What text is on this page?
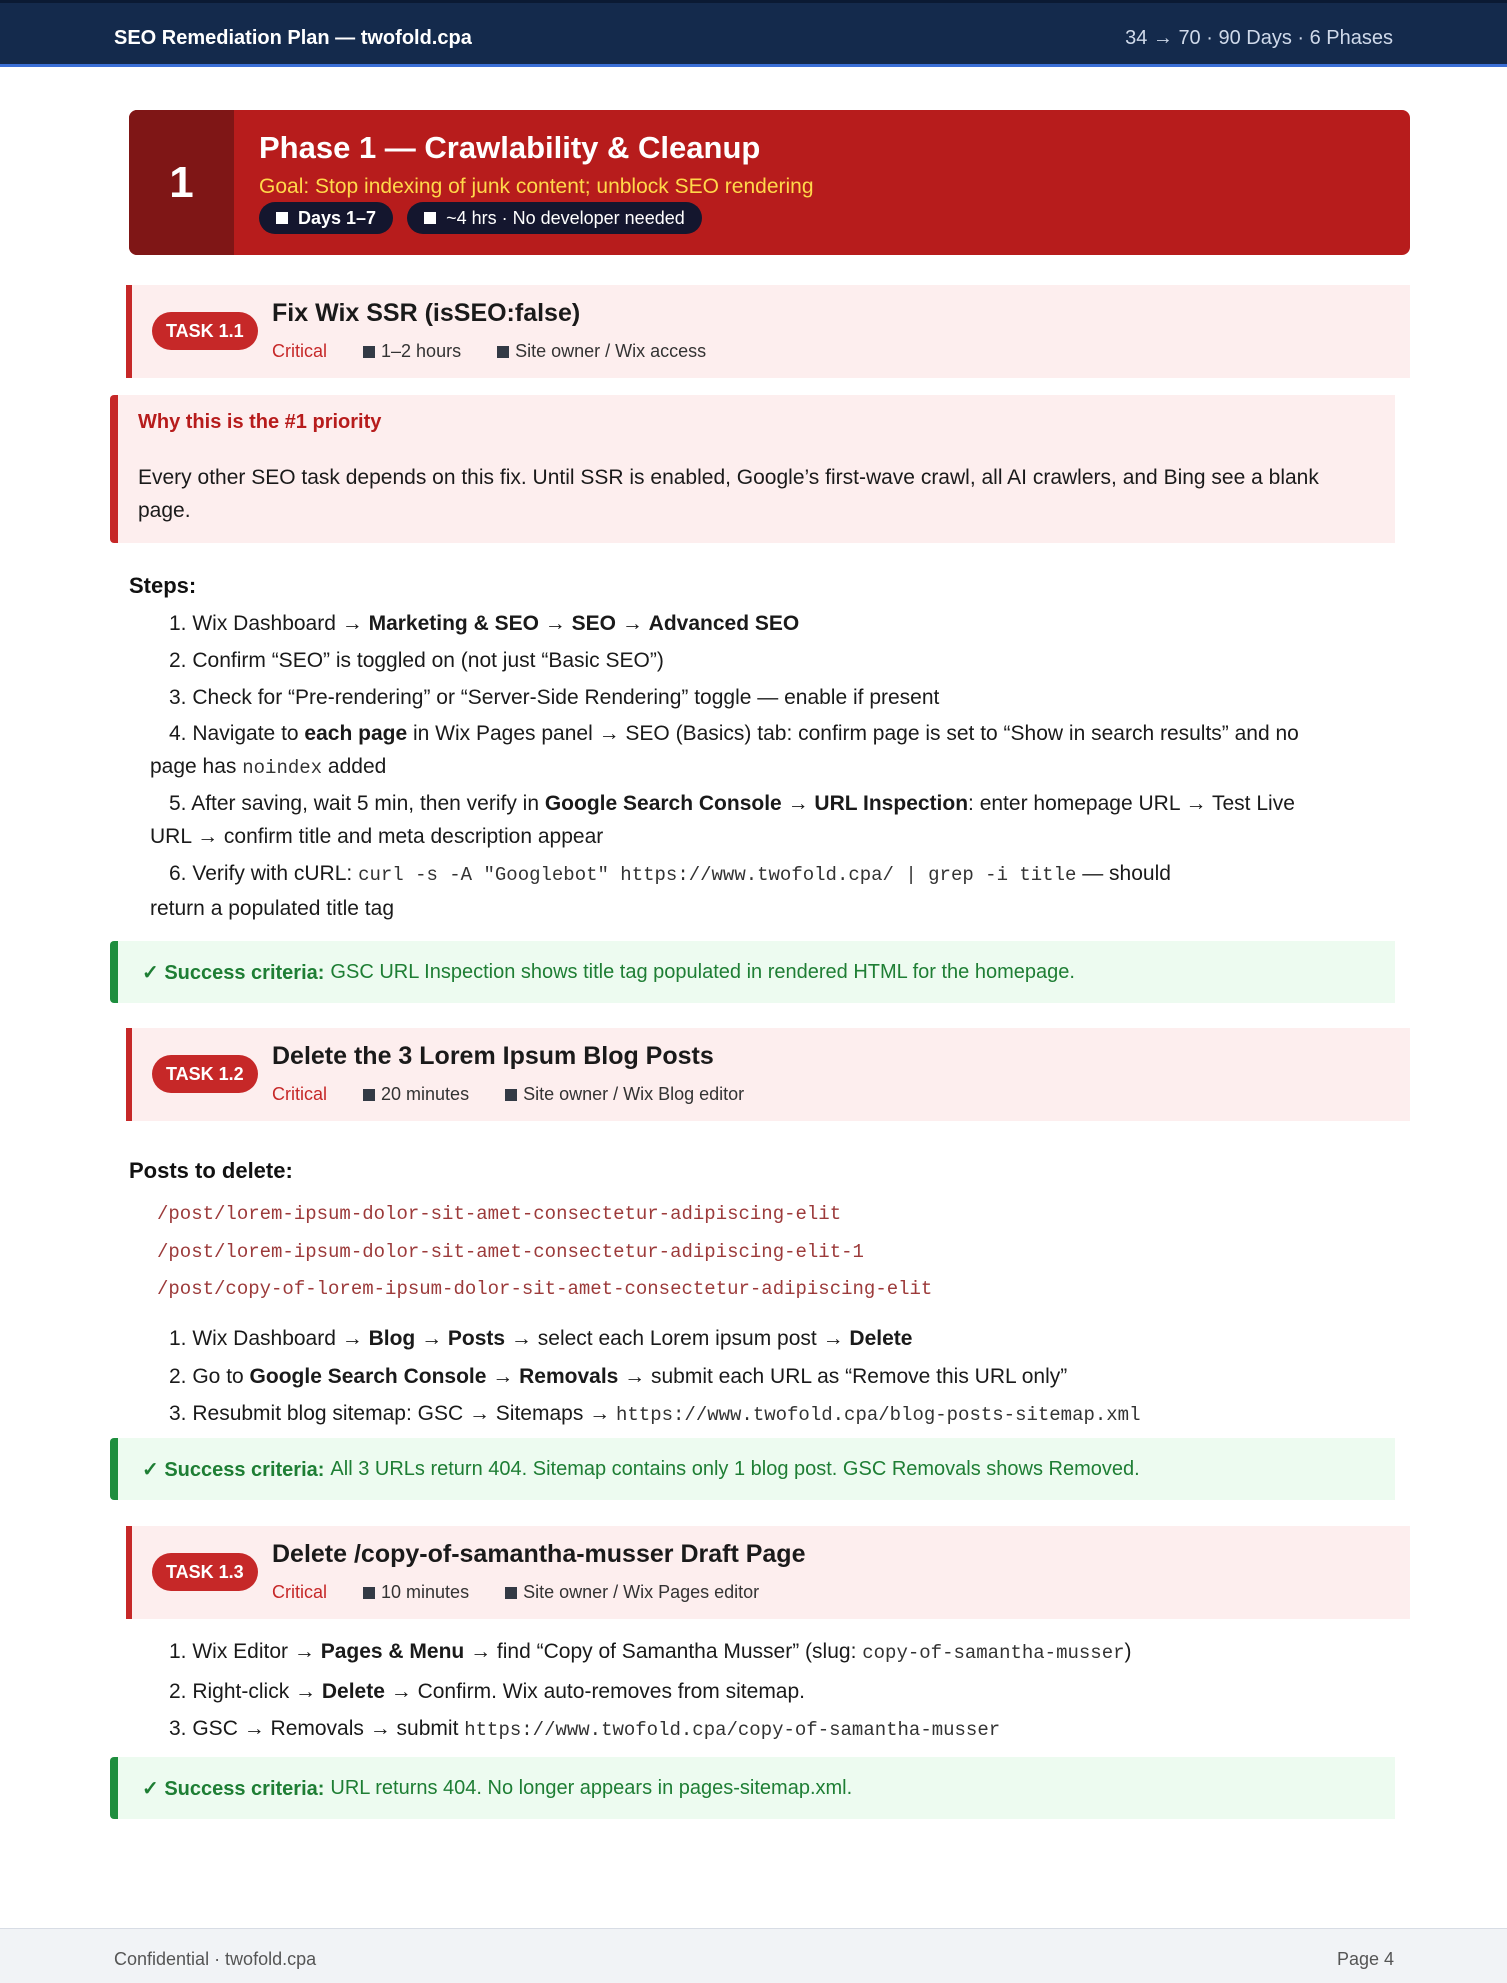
SEO Remediation Plan — twofold.cpa	34 → 70 · 90 Days · 6 Phases
1
Phase 1 — Crawlability & Cleanup
Goal: Stop indexing of junk content; unblock SEO rendering
Days 1–7	~4 hrs · No developer needed
TASK 1.1
Fix Wix SSR (isSEO:false)
Critical	1–2 hours	Site owner / Wix access
Why this is the #1 priority
Every other SEO task depends on this fix. Until SSR is enabled, Google’s first-wave crawl, all AI crawlers, and Bing see a blank page.
Steps:
1. Wix Dashboard → Marketing & SEO → SEO → Advanced SEO
2. Confirm “SEO” is toggled on (not just “Basic SEO”)
3. Check for “Pre-rendering” or “Server-Side Rendering” toggle — enable if present
4. Navigate to each page in Wix Pages panel → SEO (Basics) tab: confirm page is set to “Show in search results” and no
page has noindex added
5. After saving, wait 5 min, then verify in Google Search Console → URL Inspection: enter homepage URL → Test Live
URL → confirm title and meta description appear
6. Verify with cURL: curl -s -A "Googlebot" https://www.twofold.cpa/ | grep -i title — should
return a populated title tag
✓ Success criteria: GSC URL Inspection shows title tag populated in rendered HTML for the homepage.
TASK 1.2
Delete the 3 Lorem Ipsum Blog Posts
Critical	20 minutes	Site owner / Wix Blog editor
Posts to delete:
/post/lorem-ipsum-dolor-sit-amet-consectetur-adipiscing-elit
/post/lorem-ipsum-dolor-sit-amet-consectetur-adipiscing-elit-1
/post/copy-of-lorem-ipsum-dolor-sit-amet-consectetur-adipiscing-elit
1. Wix Dashboard → Blog → Posts → select each Lorem ipsum post → Delete
2. Go to Google Search Console → Removals → submit each URL as “Remove this URL only”
3. Resubmit blog sitemap: GSC → Sitemaps → https://www.twofold.cpa/blog-posts-sitemap.xml
✓ Success criteria: All 3 URLs return 404. Sitemap contains only 1 blog post. GSC Removals shows Removed.
TASK 1.3
Delete /copy-of-samantha-musser Draft Page
Critical	10 minutes	Site owner / Wix Pages editor
1. Wix Editor → Pages & Menu → find “Copy of Samantha Musser” (slug: copy-of-samantha-musser)
2. Right-click → Delete → Confirm. Wix auto-removes from sitemap.
3. GSC → Removals → submit https://www.twofold.cpa/copy-of-samantha-musser
✓ Success criteria: URL returns 404. No longer appears in pages-sitemap.xml.
Confidential · twofold.cpa	Page 4
